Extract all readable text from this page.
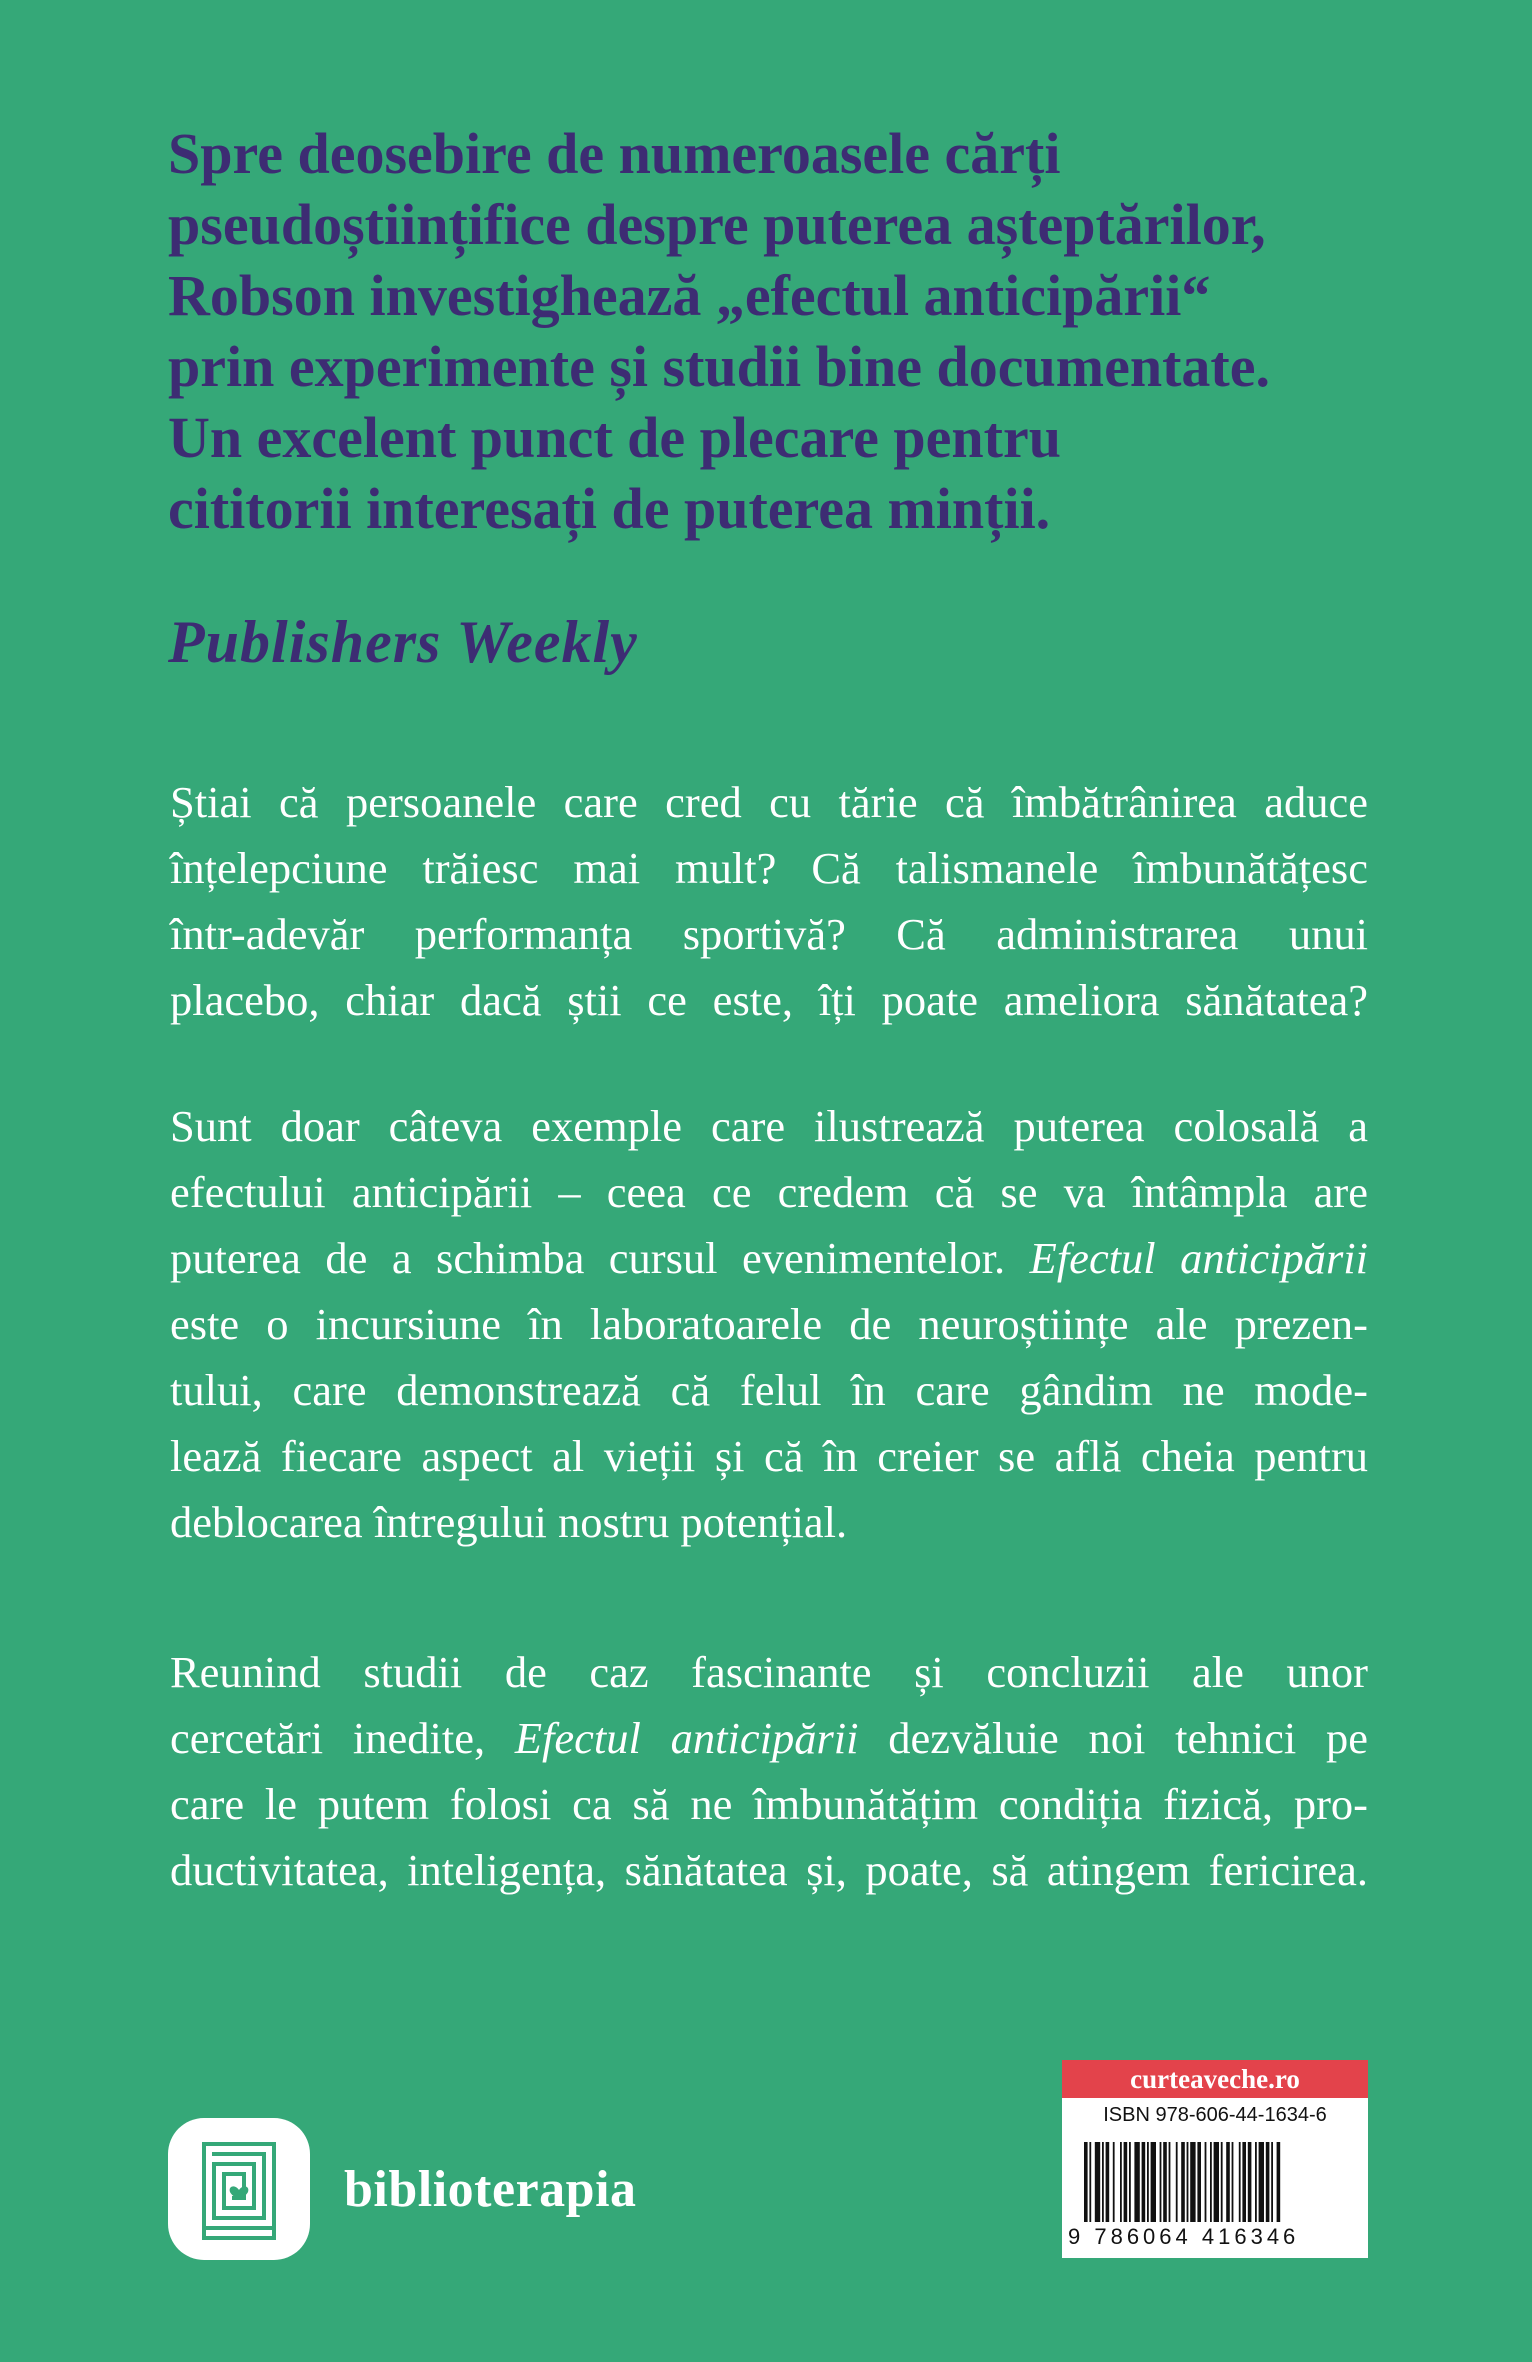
Spre deosebire de numeroasele cărți
pseudoștiințifice despre puterea așteptărilor,
Robson investighează „efectul anticipării“
prin experimente și studii bine documentate.
Un excelent punct de plecare pentru
cititorii interesați de puterea minții.
Publishers Weekly
Știai că persoanele care cred cu tărie că îmbătrânirea aduce
înțelepciune trăiesc mai mult? Că talismanele îmbunătățesc
într-adevăr performanța sportivă? Că administrarea unui
placebo, chiar dacă știi ce este, îți poate ameliora sănătatea?
Sunt doar câteva exemple care ilustrează puterea colosală a
efectului anticipării – ceea ce credem că se va întâmpla are
puterea de a schimba cursul evenimentelor. Efectul anticipării
este o incursiune în laboratoarele de neuroștiințe ale prezen-
tului, care demonstrează că felul în care gândim ne mode-
lează fiecare aspect al vieții și că în creier se află cheia pentru
deblocarea întregului nostru potențial.
Reunind studii de caz fascinante și concluzii ale unor
cercetări inedite, Efectul anticipării dezvăluie noi tehnici pe
care le putem folosi ca să ne îmbunătățim condiția fizică, pro-
ductivitatea, inteligența, sănătatea și, poate, să atingem fericirea.
biblioterapia
curteaveche.ro
ISBN 978-606-44-1634-6
9 786064 416346
